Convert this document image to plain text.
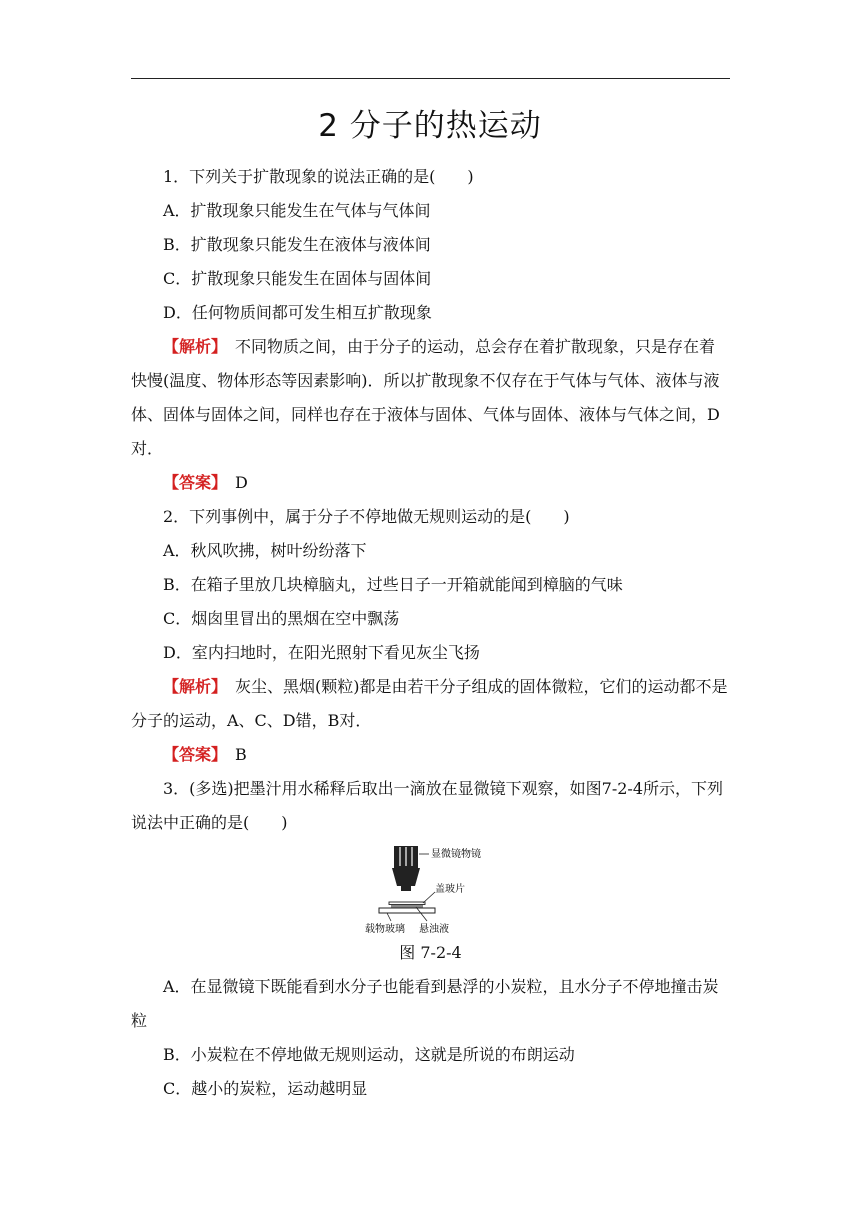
2 分子的热运动

1．下列关于扩散现象的说法正确的是(　　)

A．扩散现象只能发生在气体与气体间

B．扩散现象只能发生在液体与液体间

C．扩散现象只能发生在固体与固体间

D．任何物质间都可发生相互扩散现象

【解析】　 不同物质之间，由于分子的运动，总会存在着扩散现象，只是存在着快慢(温度、物体形态等因素影响)．所以扩散现象不仅存在于气体与气体、液体与液体、固体与固体之间，同样也存在于液体与固体、气体与固体、液体与气体之间，D对．

【答案】　 D

2．下列事例中，属于分子不停地做无规则运动的是(　　)

A．秋风吹拂，树叶纷纷落下

B．在箱子里放几块樟脑丸，过些日子一开箱就能闻到樟脑的气味

C．烟囱里冒出的黑烟在空中飘荡

D．室内扫地时，在阳光照射下看见灰尘飞扬

【解析】　 灰尘、黑烟(颗粒)都是由若干分子组成的固体微粒，它们的运动都不是分子的运动，A、C、D错，B对．

【答案】　 B

3．(多选)把墨汁用水稀释后取出一滴放在显微镜下观察，如图7-2-4所示，下列说法中正确的是(　　)

显微镜物镜
盖玻片
载物玻璃 悬浊液

图 7-2-4

A．在显微镜下既能看到水分子也能看到悬浮的小炭粒，且水分子不停地撞击炭粒

B．小炭粒在不停地做无规则运动，这就是所说的布朗运动

C．越小的炭粒，运动越明显
